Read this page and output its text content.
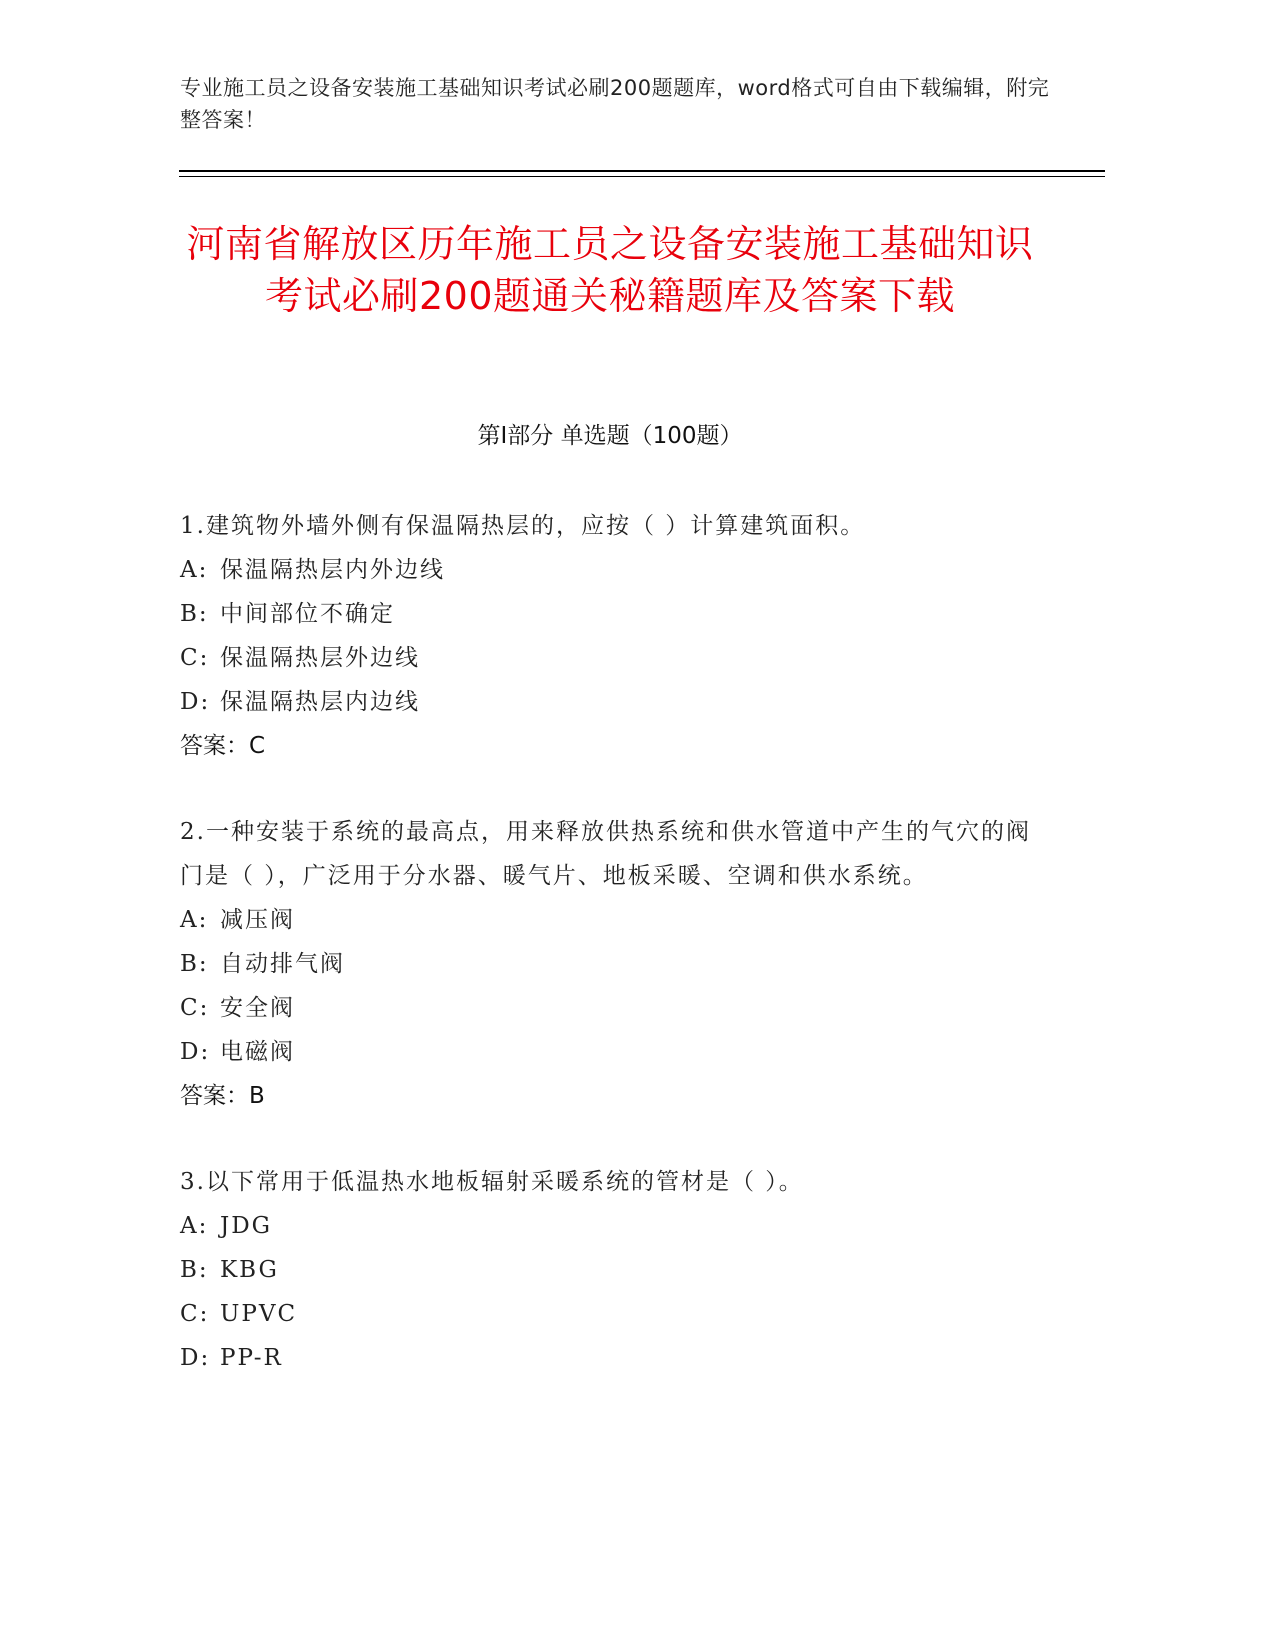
专业施工员之设备安装施工基础知识考试必刷200题题库，word格式可自由下载编辑，附完整答案！
河南省解放区历年施工员之设备安装施工基础知识考试必刷200题通关秘籍题库及答案下载
第Ⅰ部分 单选题（100题）
1.建筑物外墙外侧有保温隔热层的，应按（ ）计算建筑面积。
A: 保温隔热层内外边线
B: 中间部位不确定
C: 保温隔热层外边线
D: 保温隔热层内边线
答案：C
2.一种安装于系统的最高点，用来释放供热系统和供水管道中产生的气穴的阀门是（ ），广泛用于分水器、暖气片、地板采暖、空调和供水系统。
A: 减压阀
B: 自动排气阀
C: 安全阀
D: 电磁阀
答案：B
3.以下常用于低温热水地板辐射采暖系统的管材是（ ）。
A: JDG
B: KBG
C: UPVC
D: PP-R
